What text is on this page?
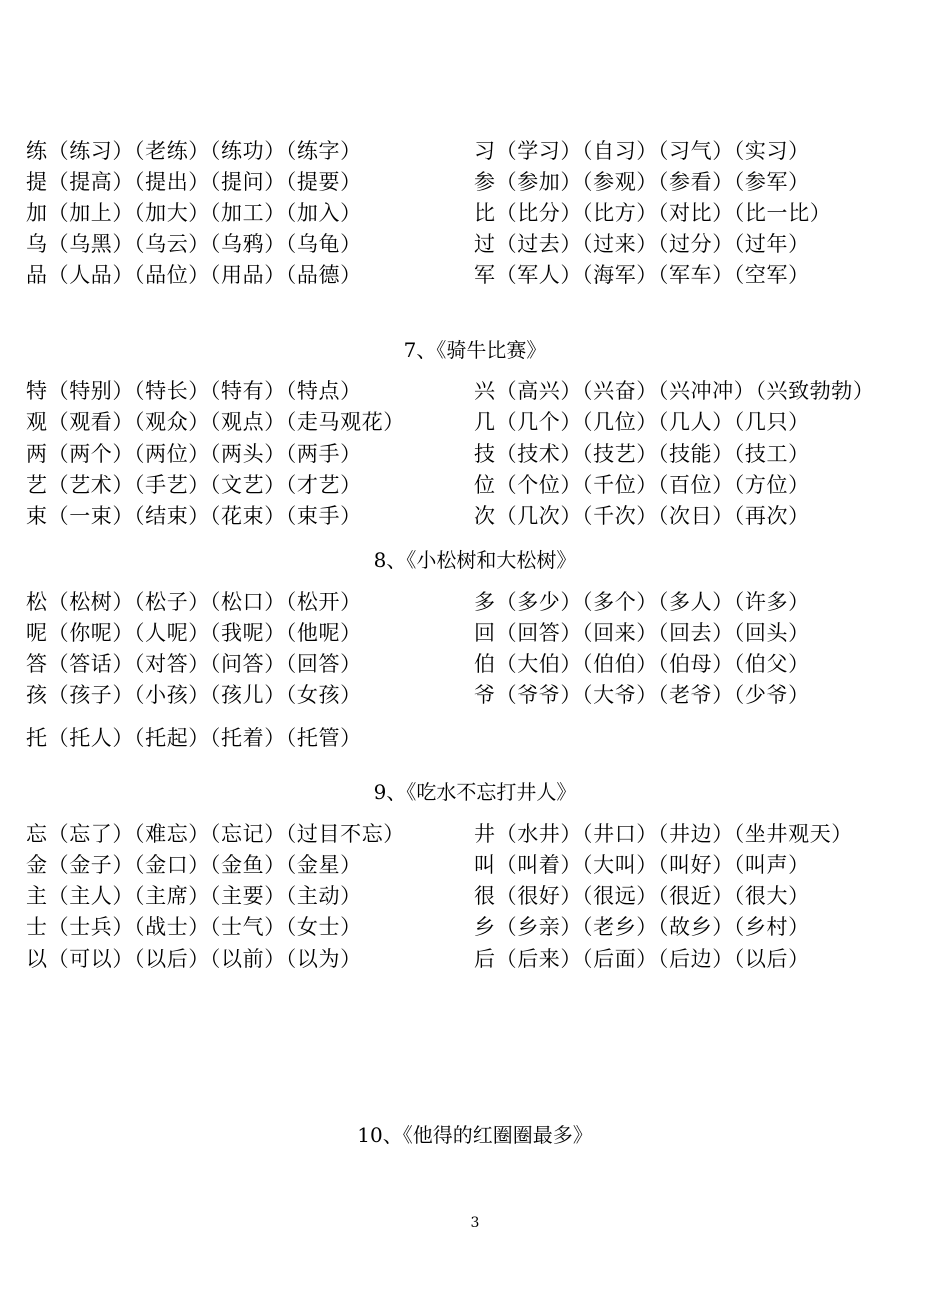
练（练习）（老练）（练功）（练字）	习（学习）（自习）（习气）（实习）
提（提高）（提出）（提问）（提要）	参（参加）（参观）（参看）（参军）
加（加上）（加大）（加工）（加入）	比（比分）（比方）（对比）（比一比）
乌（乌黑）（乌云）（乌鸦）（乌龟）	过（过去）（过来）（过分）（过年）
品（人品）（品位）（用品）（品德）	军（军人）（海军）（军车）（空军）
7、《骑牛比赛》
特（特别）（特长）（特有）（特点）	兴（高兴）（兴奋）（兴冲冲）（兴致勃勃）
观（观看）（观众）（观点）（走马观花）	几（几个）（几位）（几人）（几只）
两（两个）（两位）（两头）（两手）	技（技术）（技艺）（技能）（技工）
艺（艺术）（手艺）（文艺）（才艺）	位（个位）（千位）（百位）（方位）
束（一束）（结束）（花束）（束手）	次（几次）（千次）（次日）（再次）
8、《小松树和大松树》
松（松树）（松子）（松口）（松开）	多（多少）（多个）（多人）（许多）
呢（你呢）（人呢）（我呢）（他呢）	回（回答）（回来）（回去）（回头）
答（答话）（对答）（问答）（回答）	伯（大伯）（伯伯）（伯母）（伯父）
孩（孩子）（小孩）（孩儿）（女孩）	爷（爷爷）（大爷）（老爷）（少爷）
托（托人）（托起）（托着）（托管）
9、《吃水不忘打井人》
忘（忘了）（难忘）（忘记）（过目不忘）	井（水井）（井口）（井边）（坐井观天）
金（金子）（金口）（金鱼）（金星）	叫（叫着）（大叫）（叫好）（叫声）
主（主人）（主席）（主要）（主动）	很（很好）（很远）（很近）（很大）
士（士兵）（战士）（士气）（女士）	乡（乡亲）（老乡）（故乡）（乡村）
以（可以）（以后）（以前）（以为）	后（后来）（后面）（后边）（以后）
10、《他得的红圈圈最多》
3
